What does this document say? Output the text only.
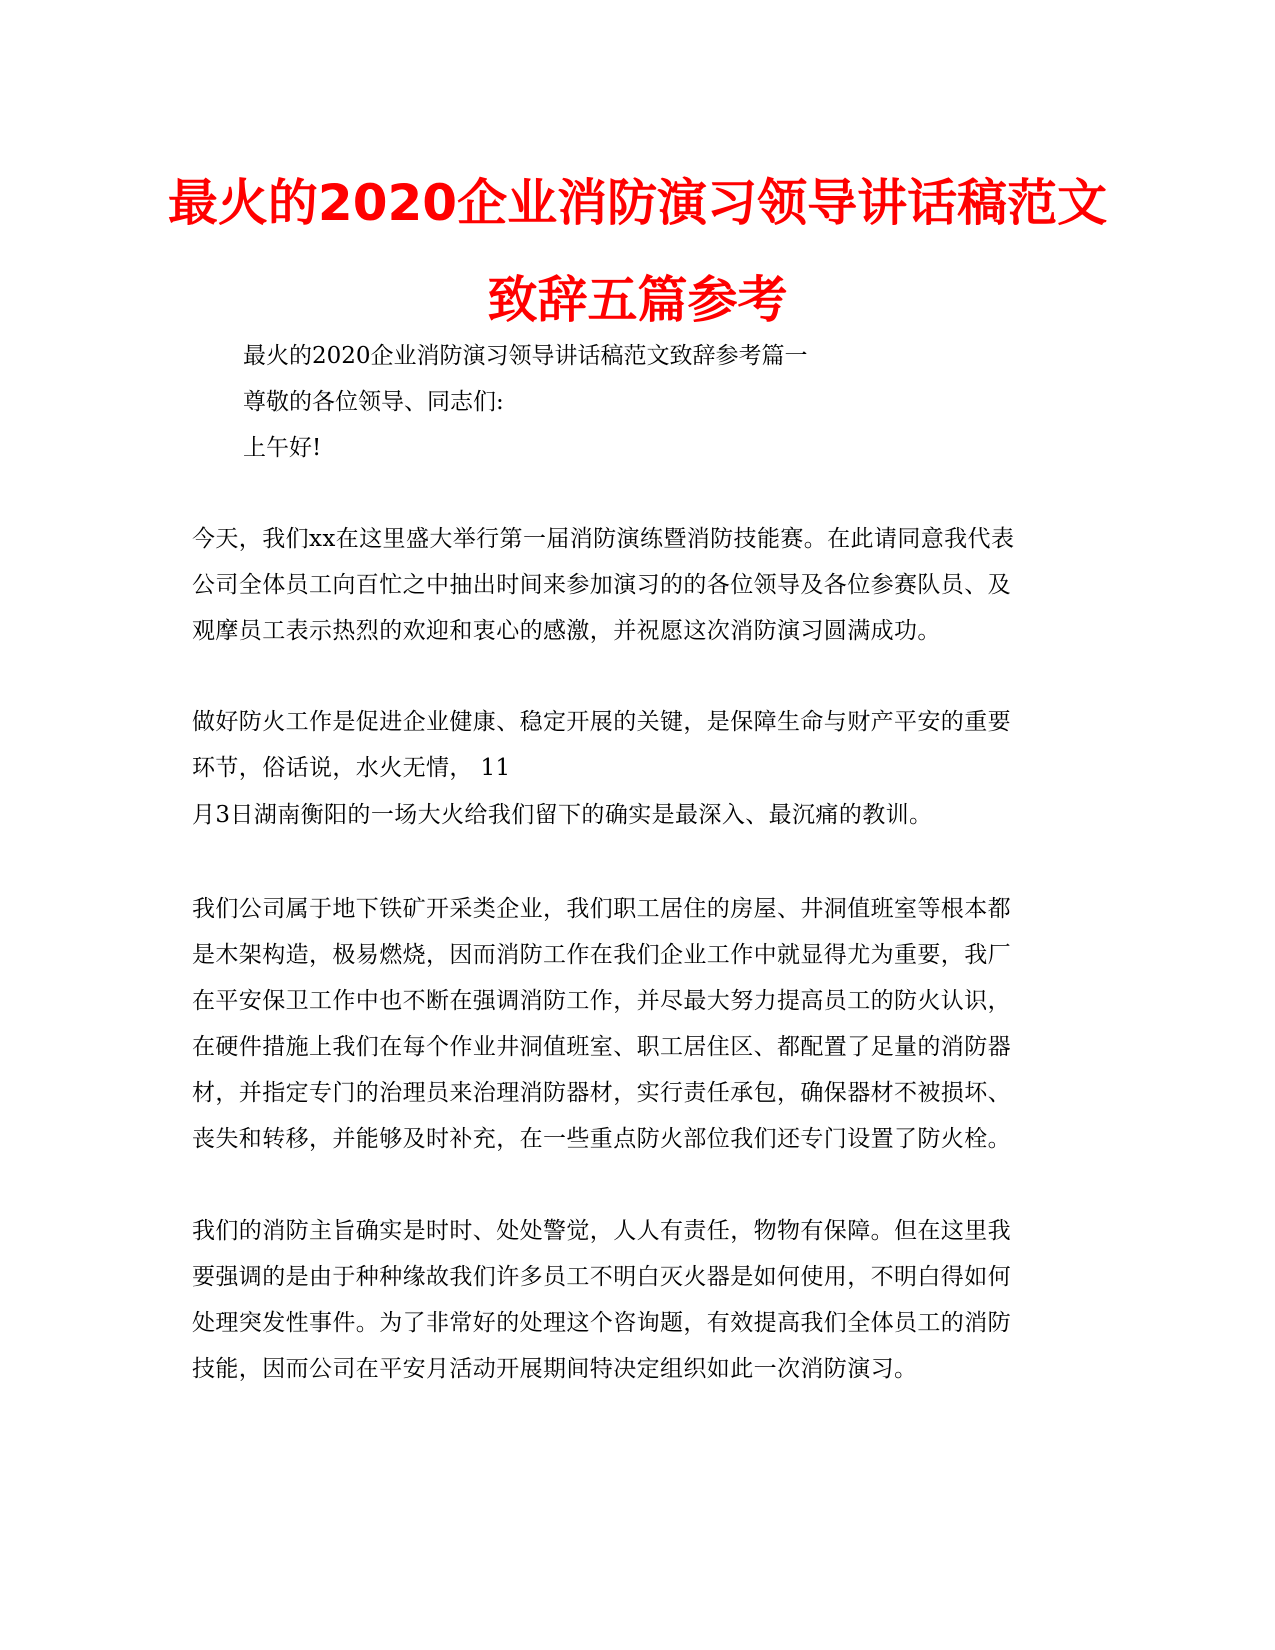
最火的2020企业消防演习领导讲话稿范文
致辞五篇参考
最火的2020企业消防演习领导讲话稿范文致辞参考篇一
尊敬的各位领导、同志们:
上午好!
今天，我们xx在这里盛大举行第一届消防演练暨消防技能赛。在此请同意我代表
公司全体员工向百忙之中抽出时间来参加演习的的各位领导及各位参赛队员、及
观摩员工表示热烈的欢迎和衷心的感激，并祝愿这次消防演习圆满成功。
做好防火工作是促进企业健康、稳定开展的关键，是保障生命与财产平安的重要
环节，俗话说，水火无情， 11
月3日湖南衡阳的一场大火给我们留下的确实是最深入、最沉痛的教训。
我们公司属于地下铁矿开采类企业，我们职工居住的房屋、井洞值班室等根本都
是木架构造，极易燃烧，因而消防工作在我们企业工作中就显得尤为重要，我厂
在平安保卫工作中也不断在强调消防工作，并尽最大努力提高员工的防火认识，
在硬件措施上我们在每个作业井洞值班室、职工居住区、都配置了足量的消防器
材，并指定专门的治理员来治理消防器材，实行责任承包，确保器材不被损坏、
丧失和转移，并能够及时补充，在一些重点防火部位我们还专门设置了防火栓。
我们的消防主旨确实是时时、处处警觉，人人有责任，物物有保障。但在这里我
要强调的是由于种种缘故我们许多员工不明白灭火器是如何使用，不明白得如何
处理突发性事件。为了非常好的处理这个咨询题，有效提高我们全体员工的消防
技能，因而公司在平安月活动开展期间特决定组织如此一次消防演习。
